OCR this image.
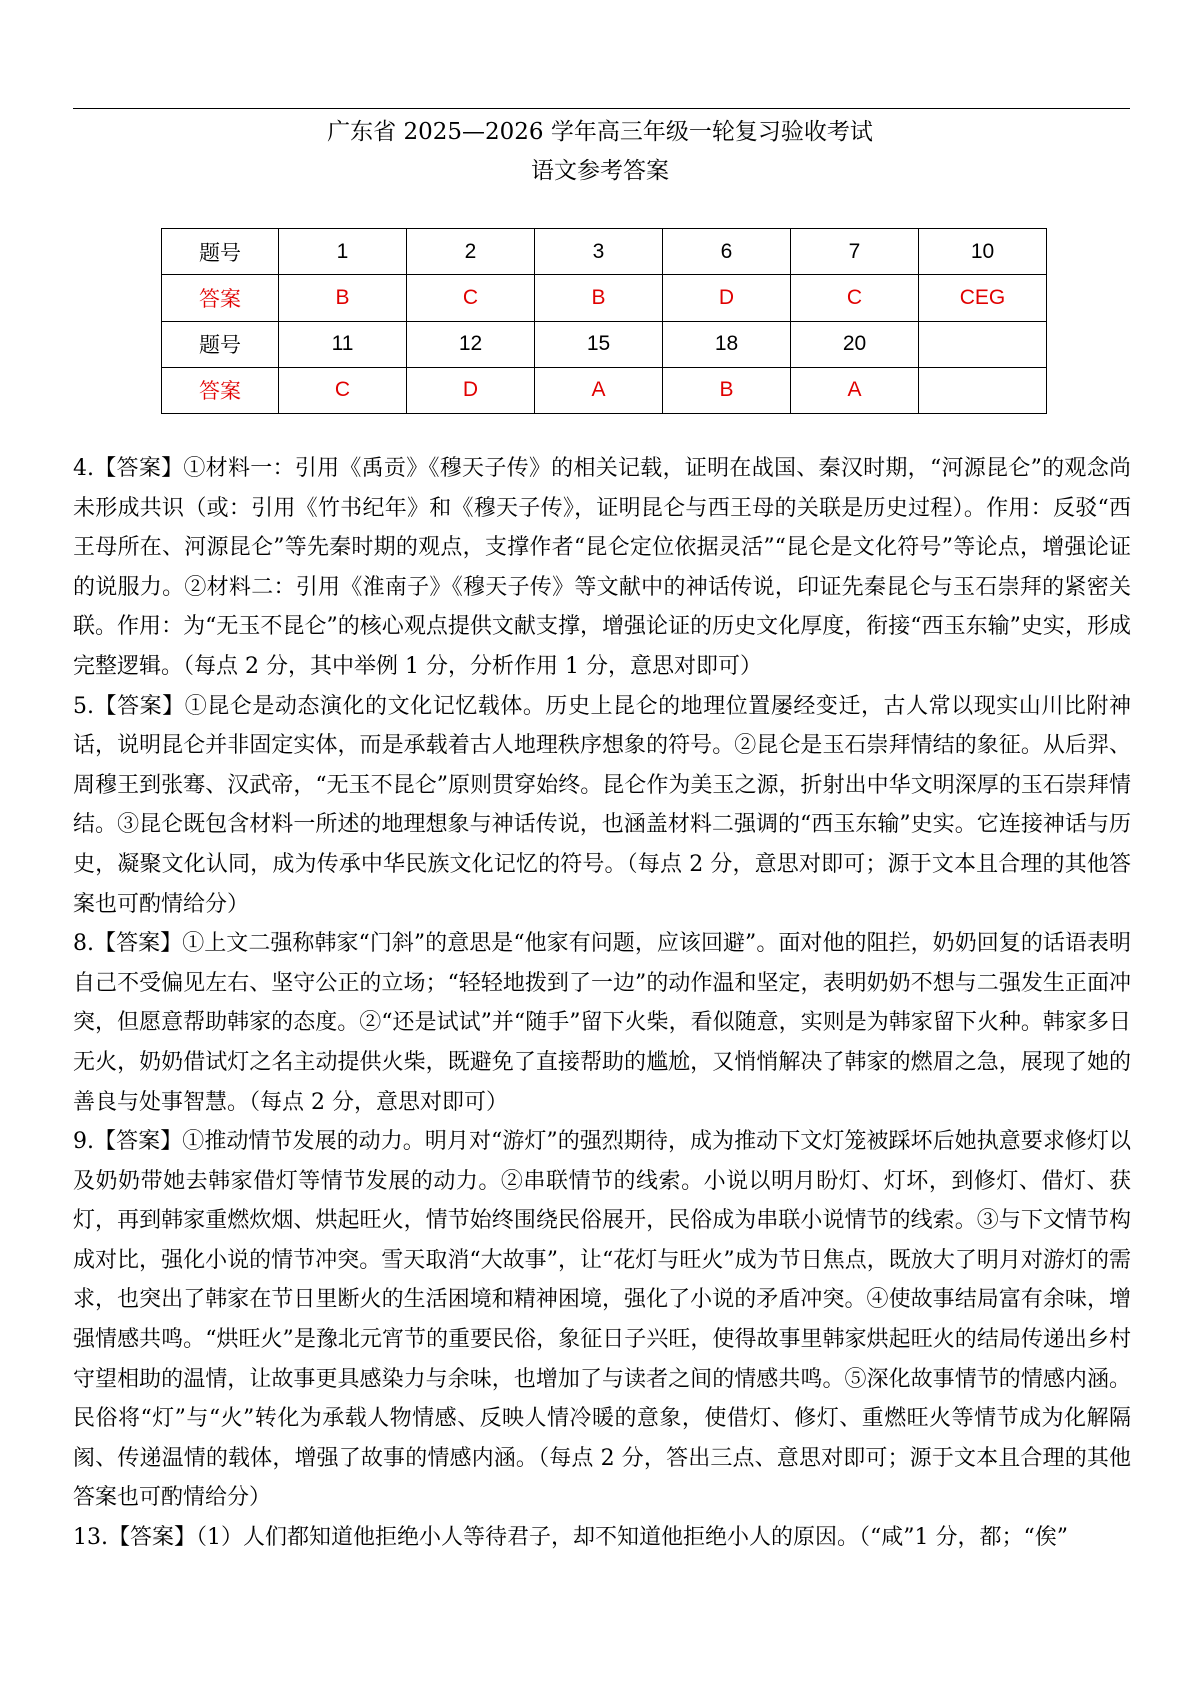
广东省 2025—2026 学年高三年级一轮复习验收考试
语文参考答案
题号	1	2	3	6	7	10
答案	B	C	B	D	C	CEG
题号	11	12	15	18	20	
答案	C	D	A	B	A	

4.【答案】①材料一：引用《禹贡》《穆天子传》的相关记载，证明在战国、秦汉时期，“河源昆仑”的观念尚未形成共识（或：引用《竹书纪年》和《穆天子传》，证明昆仑与西王母的关联是历史过程）。作用：反驳“西王母所在、河源昆仑”等先秦时期的观点，支撑作者“昆仑定位依据灵活”“昆仑是文化符号”等论点，增强论证的说服力。②材料二：引用《淮南子》《穆天子传》等文献中的神话传说，印证先秦昆仑与玉石崇拜的紧密关联。作用：为“无玉不昆仑”的核心观点提供文献支撑，增强论证的历史文化厚度，衔接“西玉东输”史实，形成完整逻辑。（每点 2 分，其中举例 1 分，分析作用 1 分，意思对即可）

5.【答案】①昆仑是动态演化的文化记忆载体。历史上昆仑的地理位置屡经变迁，古人常以现实山川比附神话，说明昆仑并非固定实体，而是承载着古人地理秩序想象的符号。②昆仑是玉石崇拜情结的象征。从后羿、周穆王到张骞、汉武帝，“无玉不昆仑”原则贯穿始终。昆仑作为美玉之源，折射出中华文明深厚的玉石崇拜情结。③昆仑既包含材料一所述的地理想象与神话传说，也涵盖材料二强调的“西玉东输”史实。它连接神话与历史，凝聚文化认同，成为传承中华民族文化记忆的符号。（每点 2 分，意思对即可；源于文本且合理的其他答案也可酌情给分）

8.【答案】①上文二强称韩家“门斜”的意思是“他家有问题，应该回避”。面对他的阻拦，奶奶回复的话语表明自己不受偏见左右、坚守公正的立场；“轻轻地拨到了一边”的动作温和坚定，表明奶奶不想与二强发生正面冲突，但愿意帮助韩家的态度。②“还是试试”并“随手”留下火柴，看似随意，实则是为韩家留下火种。韩家多日无火，奶奶借试灯之名主动提供火柴，既避免了直接帮助的尴尬，又悄悄解决了韩家的燃眉之急，展现了她的善良与处事智慧。（每点 2 分，意思对即可）

9.【答案】①推动情节发展的动力。明月对“游灯”的强烈期待，成为推动下文灯笼被踩坏后她执意要求修灯以及奶奶带她去韩家借灯等情节发展的动力。②串联情节的线索。小说以明月盼灯、灯坏，到修灯、借灯、获灯，再到韩家重燃炊烟、烘起旺火，情节始终围绕民俗展开，民俗成为串联小说情节的线索。③与下文情节构成对比，强化小说的情节冲突。雪天取消“大故事”，让“花灯与旺火”成为节日焦点，既放大了明月对游灯的需求，也突出了韩家在节日里断火的生活困境和精神困境，强化了小说的矛盾冲突。④使故事结局富有余味，增强情感共鸣。“烘旺火”是豫北元宵节的重要民俗，象征日子兴旺，使得故事里韩家烘起旺火的结局传递出乡村守望相助的温情，让故事更具感染力与余味，也增加了与读者之间的情感共鸣。⑤深化故事情节的情感内涵。民俗将“灯”与“火”转化为承载人物情感、反映人情冷暖的意象，使借灯、修灯、重燃旺火等情节成为化解隔阂、传递温情的载体，增强了故事的情感内涵。（每点 2 分，答出三点、意思对即可；源于文本且合理的其他答案也可酌情给分）

13.【答案】（1）人们都知道他拒绝小人等待君子，却不知道他拒绝小人的原因。（“咸”1 分，都；“俟”
